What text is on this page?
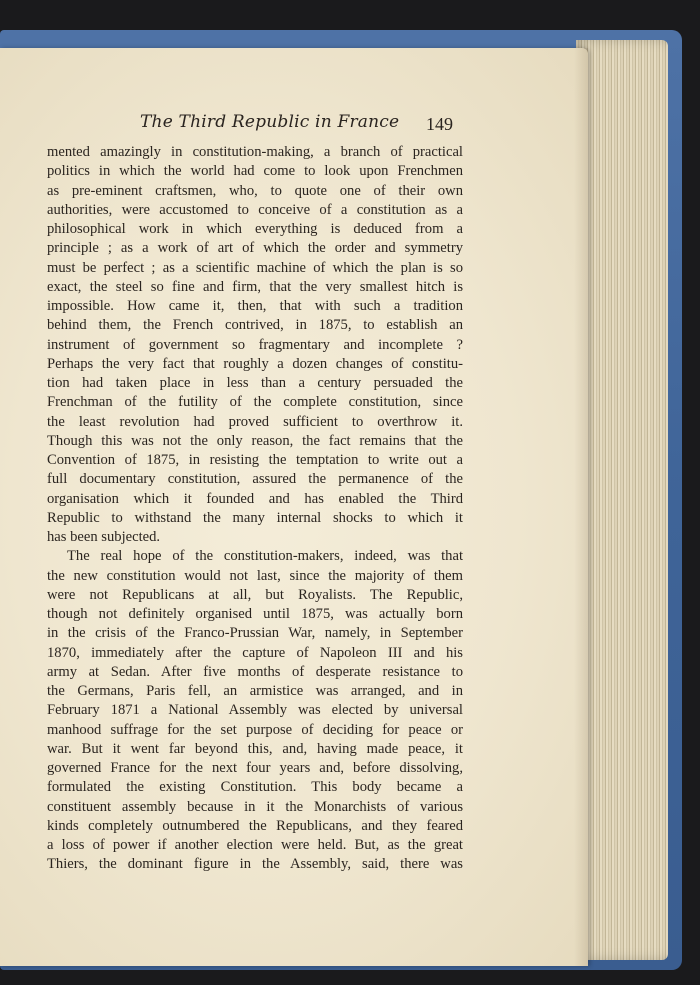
The Third Republic in France 149
mented amazingly in constitution-making, a branch of practical
politics in which the world had come to look upon Frenchmen
as pre-eminent craftsmen, who, to quote one of their own
authorities, were accustomed to conceive of a constitution as a
philosophical work in which everything is deduced from a
principle ; as a work of art of which the order and symmetry
must be perfect ; as a scientific machine of which the plan is so
exact, the steel so fine and firm, that the very smallest hitch is
impossible. How came it, then, that with such a tradition
behind them, the French contrived, in 1875, to establish an
instrument of government so fragmentary and incomplete ?
Perhaps the very fact that roughly a dozen changes of constitu-
tion had taken place in less than a century persuaded the
Frenchman of the futility of the complete constitution, since
the least revolution had proved sufficient to overthrow it.
Though this was not the only reason, the fact remains that the
Convention of 1875, in resisting the temptation to write out a
full documentary constitution, assured the permanence of the
organisation which it founded and has enabled the Third
Republic to withstand the many internal shocks to which it
has been subjected.
The real hope of the constitution-makers, indeed, was that
the new constitution would not last, since the majority of them
were not Republicans at all, but Royalists. The Republic,
though not definitely organised until 1875, was actually born
in the crisis of the Franco-Prussian War, namely, in September
1870, immediately after the capture of Napoleon III and his
army at Sedan. After five months of desperate resistance to
the Germans, Paris fell, an armistice was arranged, and in
February 1871 a National Assembly was elected by universal
manhood suffrage for the set purpose of deciding for peace or
war. But it went far beyond this, and, having made peace, it
governed France for the next four years and, before dissolving,
formulated the existing Constitution. This body became a
constituent assembly because in it the Monarchists of various
kinds completely outnumbered the Republicans, and they feared
a loss of power if another election were held. But, as the great
Thiers, the dominant figure in the Assembly, said, there was
